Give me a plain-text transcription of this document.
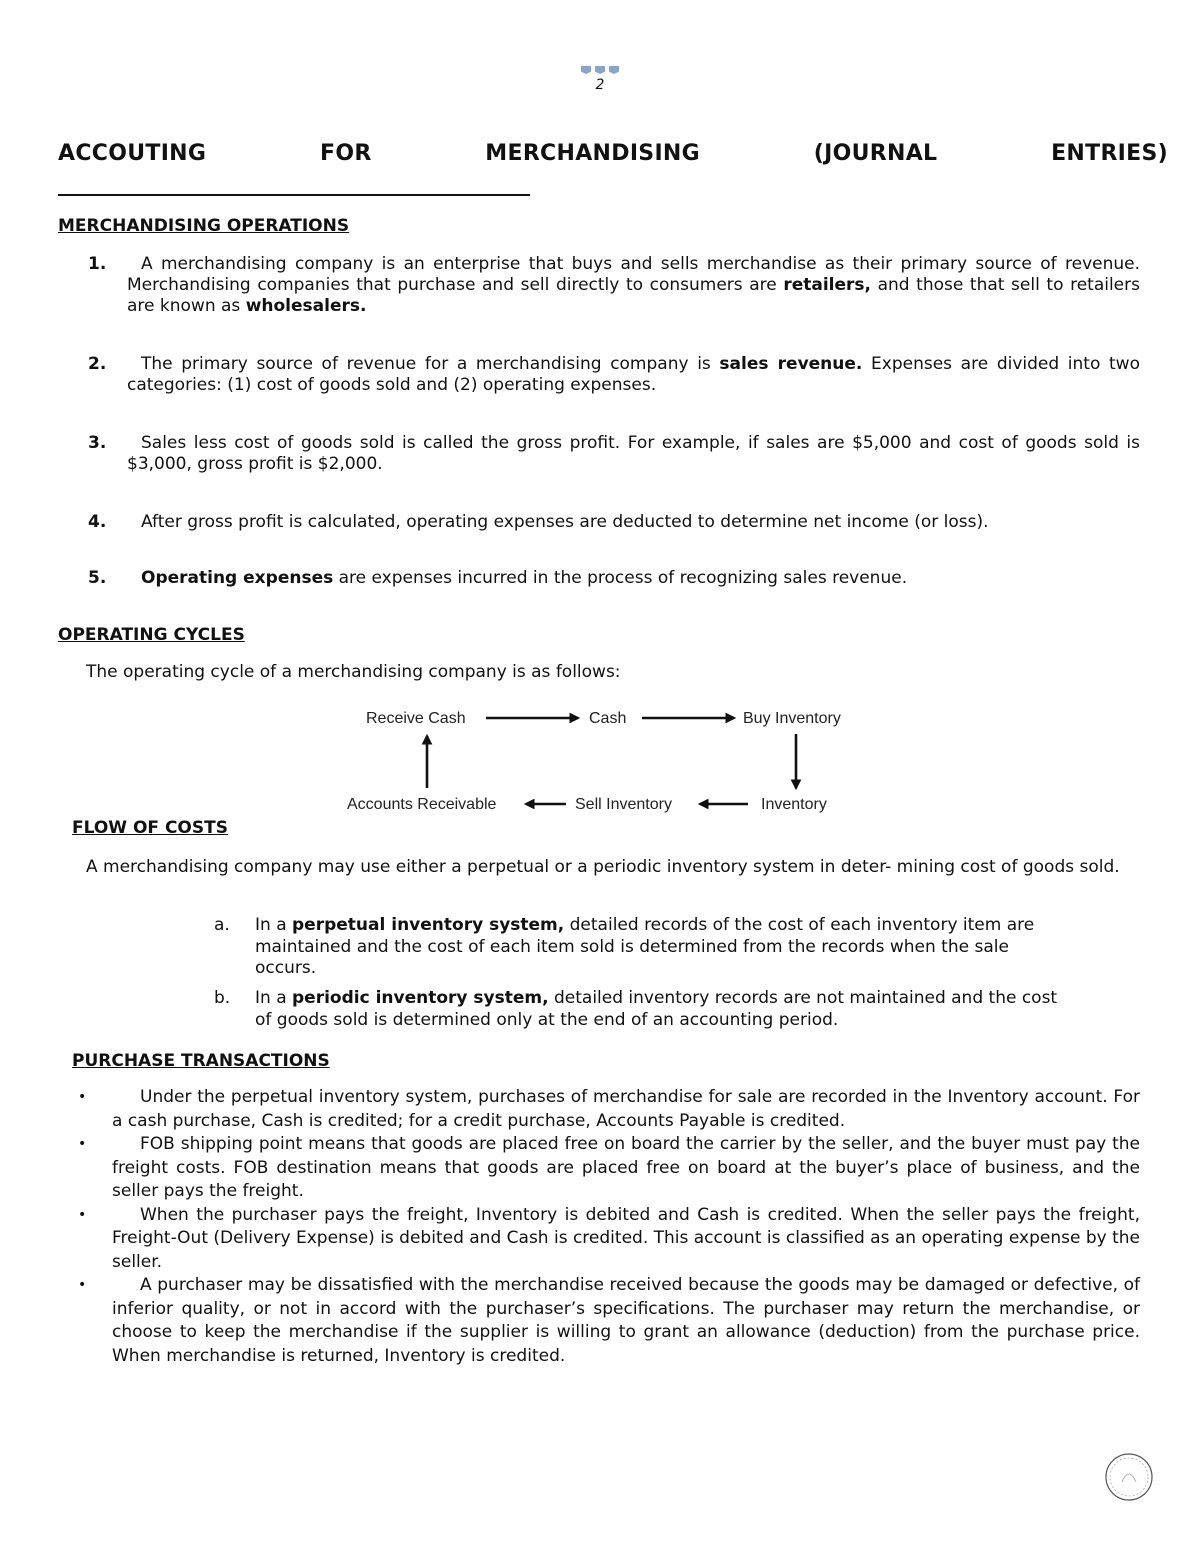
2
ACCOUTING	FOR	MERCHANDISING	(JOURNAL	ENTRIES)
MERCHANDISING OPERATIONS
1.	A merchandising company is an enterprise that buys and sells merchandise as their primary source of revenue. Merchandising companies that purchase and sell directly to consumers are retailers, and those that sell to retailers are known as wholesalers.
2.	The primary source of revenue for a merchandising company is sales revenue. Expenses are divided into two categories: (1) cost of goods sold and (2) operating expenses.
3.	Sales less cost of goods sold is called the gross profit. For example, if sales are $5,000 and cost of goods sold is $3,000, gross profit is $2,000.
4.	After gross profit is calculated, operating expenses are deducted to determine net income (or loss).
5.	Operating expenses are expenses incurred in the process of recognizing sales revenue.
OPERATING CYCLES
The operating cycle of a merchandising company is as follows:
Receive Cash	Cash	Buy Inventory
Inventory
Sell Inventory
Accounts Receivable
FLOW OF COSTS
A merchandising company may use either a perpetual or a periodic inventory system in deter- mining cost of goods sold.
a. In a perpetual inventory system, detailed records of the cost of each inventory item are maintained and the cost of each item sold is determined from the records when the sale occurs.
b. In a periodic inventory system, detailed inventory records are not maintained and the cost of goods sold is determined only at the end of an accounting period.
PURCHASE TRANSACTIONS
•	Under the perpetual inventory system, purchases of merchandise for sale are recorded in the Inventory account. For a cash purchase, Cash is credited; for a credit purchase, Accounts Payable is credited.
•	FOB shipping point means that goods are placed free on board the carrier by the seller, and the buyer must pay the freight costs. FOB destination means that goods are placed free on board at the buyer’s place of business, and the seller pays the freight.
•	When the purchaser pays the freight, Inventory is debited and Cash is credited. When the seller pays the freight, Freight-Out (Delivery Expense) is debited and Cash is credited. This account is classified as an operating expense by the seller.
•	A purchaser may be dissatisfied with the merchandise received because the goods may be damaged or defective, of inferior quality, or not in accord with the purchaser’s specifications. The purchaser may return the merchandise, or choose to keep the merchandise if the supplier is willing to grant an allowance (deduction) from the purchase price. When merchandise is returned, Inventory is credited.
